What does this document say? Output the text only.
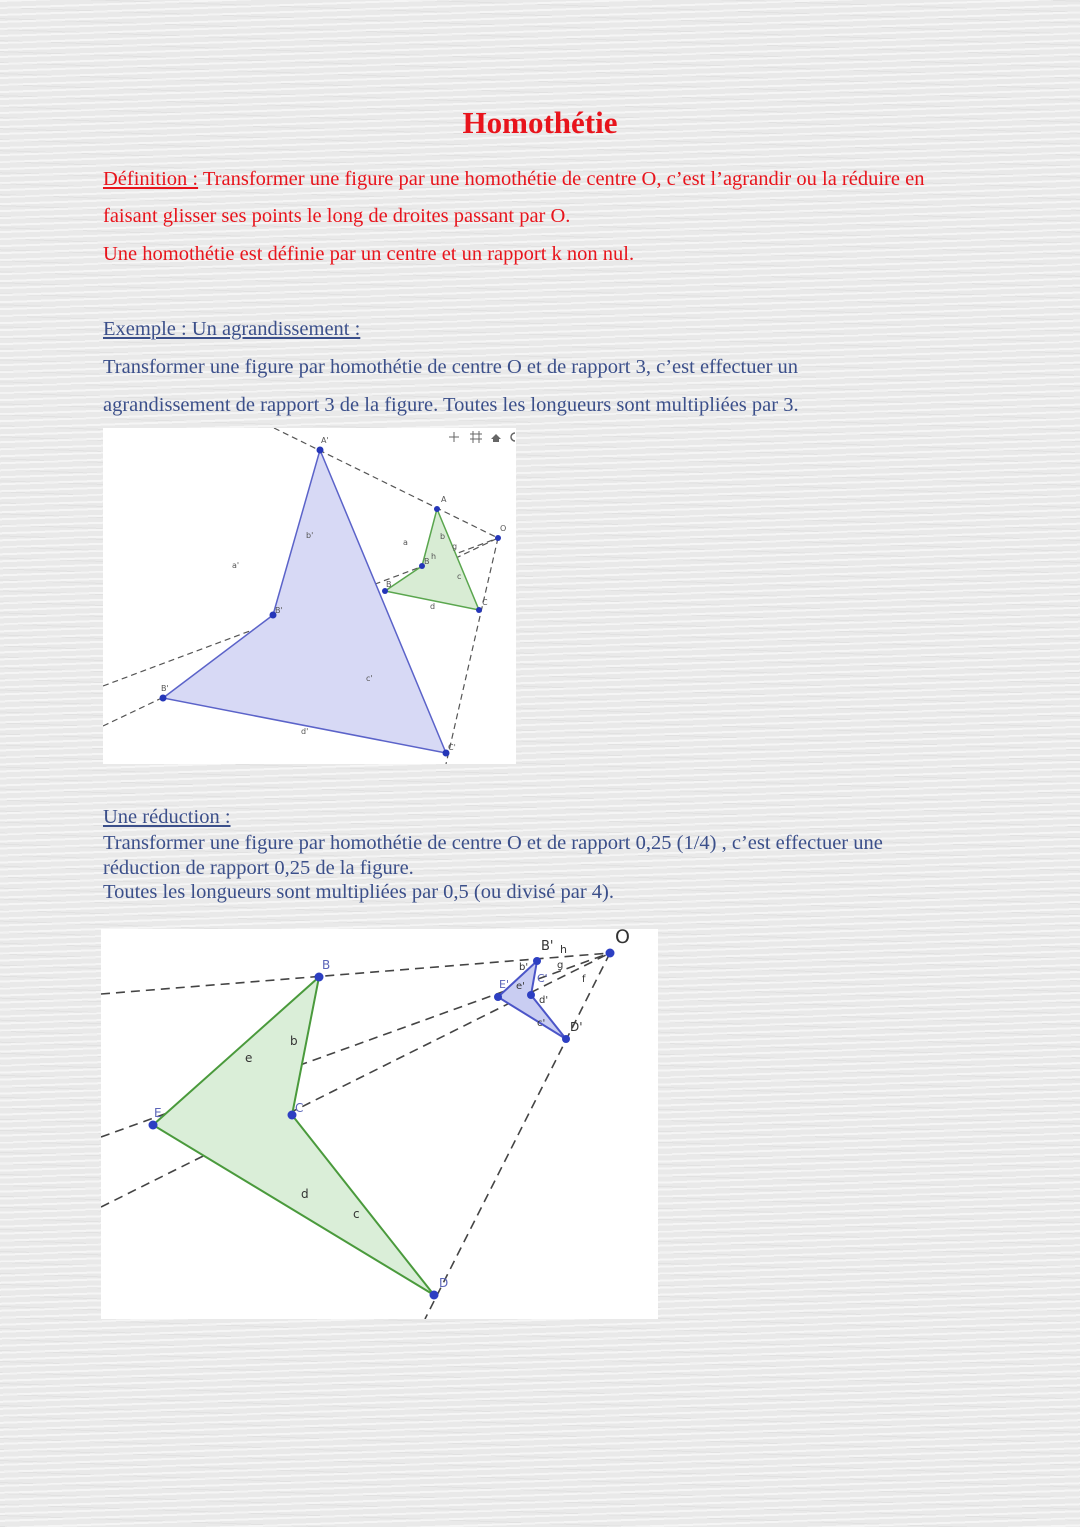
Homothétie
Définition : Transformer une figure par une homothétie de centre O, c’est l’agrandir ou la réduire en
faisant glisser ses points le long de droites passant par O.
Une homothétie est définie par un centre et un rapport k non nul.
Exemple : Un agrandissement :
Transformer une figure par homothétie de centre O et de rapport 3, c’est effectuer un
agrandissement de rapport 3 de la figure. Toutes les longueurs sont multipliées par 3.
A'
B'
B'
C'
A
B
B
C
O
a'
b'
c'
d'
a
b
c
d
g
h
Une réduction :
Transformer une figure par homothétie de centre O et de rapport 0,25 (1/4) , c’est effectuer une
réduction de rapport 0,25 de la figure.
Toutes les longueurs sont multipliées par 0,5 (ou divisé par 4).
B
C
D
E
B'
C'
D'
E'
O
b
c
d
e
f
g
h
b'
c'
d'
e'
